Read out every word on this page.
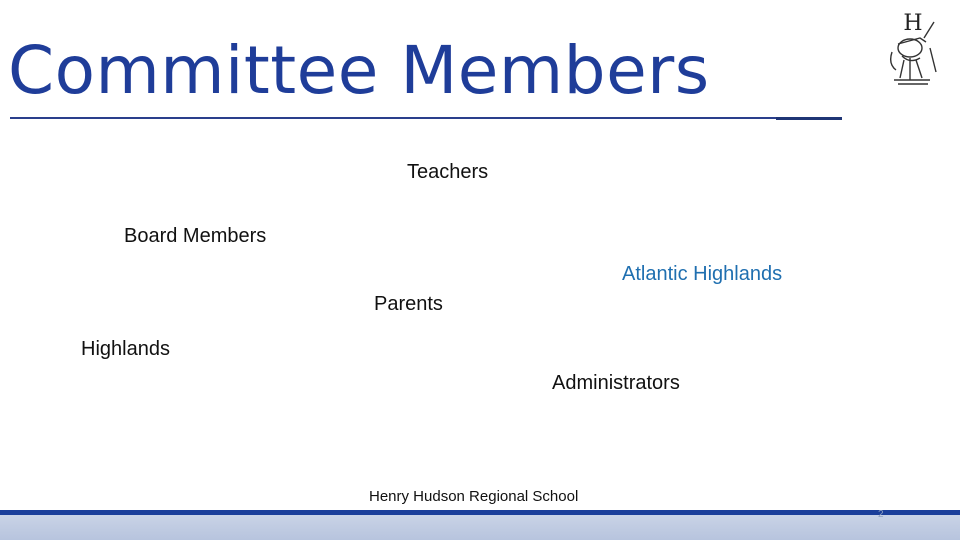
Committee Members
H
Teachers
Board Members
Atlantic Highlands
Parents
Highlands
Administrators
Henry Hudson Regional School
2
